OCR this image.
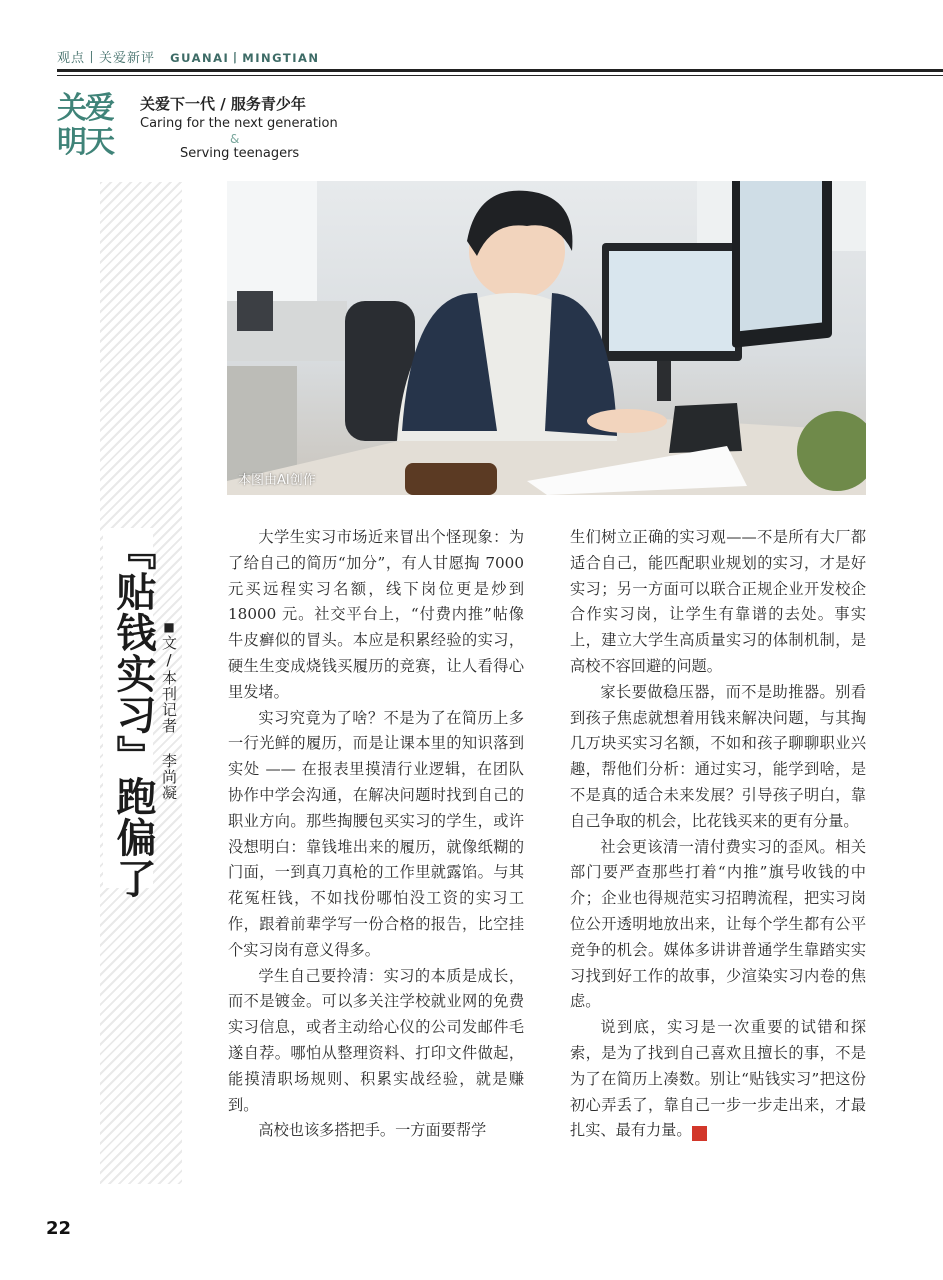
观点丨关爱新评 GUANAI丨MINGTIAN
关爱
明天
关爱下一代 / 服务青少年
Caring for the next generation
&
Serving teenagers
『贴钱实习』跑偏了 ■文/本刊记者 李尚凝
本图由AI创作

大学生实习市场近来冒出个怪现象：为了给自己的简历“加分”，有人甘愿掏 7000 元买远程实习名额，线下岗位更是炒到 18000 元。社交平台上，“付费内推”帖像牛皮癣似的冒头。本应是积累经验的实习，硬生生变成烧钱买履历的竞赛，让人看得心里发堵。

实习究竟为了啥？不是为了在简历上多一行光鲜的履历，而是让课本里的知识落到实处 —— 在报表里摸清行业逻辑，在团队协作中学会沟通，在解决问题时找到自己的职业方向。那些掏腰包买实习的学生，或许没想明白：靠钱堆出来的履历，就像纸糊的门面，一到真刀真枪的工作里就露馅。与其花冤枉钱，不如找份哪怕没工资的实习工作，跟着前辈学写一份合格的报告，比空挂个实习岗有意义得多。

学生自己要拎清：实习的本质是成长，而不是镀金。可以多关注学校就业网的免费实习信息，或者主动给心仪的公司发邮件毛遂自荐。哪怕从整理资料、打印文件做起，能摸清职场规则、积累实战经验，就是赚到。

高校也该多搭把手。一方面要帮学

生们树立正确的实习观——不是所有大厂都适合自己，能匹配职业规划的实习，才是好实习；另一方面可以联合正规企业开发校企合作实习岗，让学生有靠谱的去处。事实上，建立大学生高质量实习的体制机制，是高校不容回避的问题。

家长要做稳压器，而不是助推器。别看到孩子焦虑就想着用钱来解决问题，与其掏几万块买实习名额，不如和孩子聊聊职业兴趣，帮他们分析：通过实习，能学到啥，是不是真的适合未来发展？引导孩子明白，靠自己争取的机会，比花钱买来的更有分量。

社会更该清一清付费实习的歪风。相关部门要严查那些打着“内推”旗号收钱的中介；企业也得规范实习招聘流程，把实习岗位公开透明地放出来，让每个学生都有公平竞争的机会。媒体多讲讲普通学生靠踏实实习找到好工作的故事，少渲染实习内卷的焦虑。

说到底，实习是一次重要的试错和探索，是为了找到自己喜欢且擅长的事，不是为了在简历上凑数。别让“贴钱实习”把这份初心弄丢了，靠自己一步一步走出来，才最扎实、最有力量。	关

22
